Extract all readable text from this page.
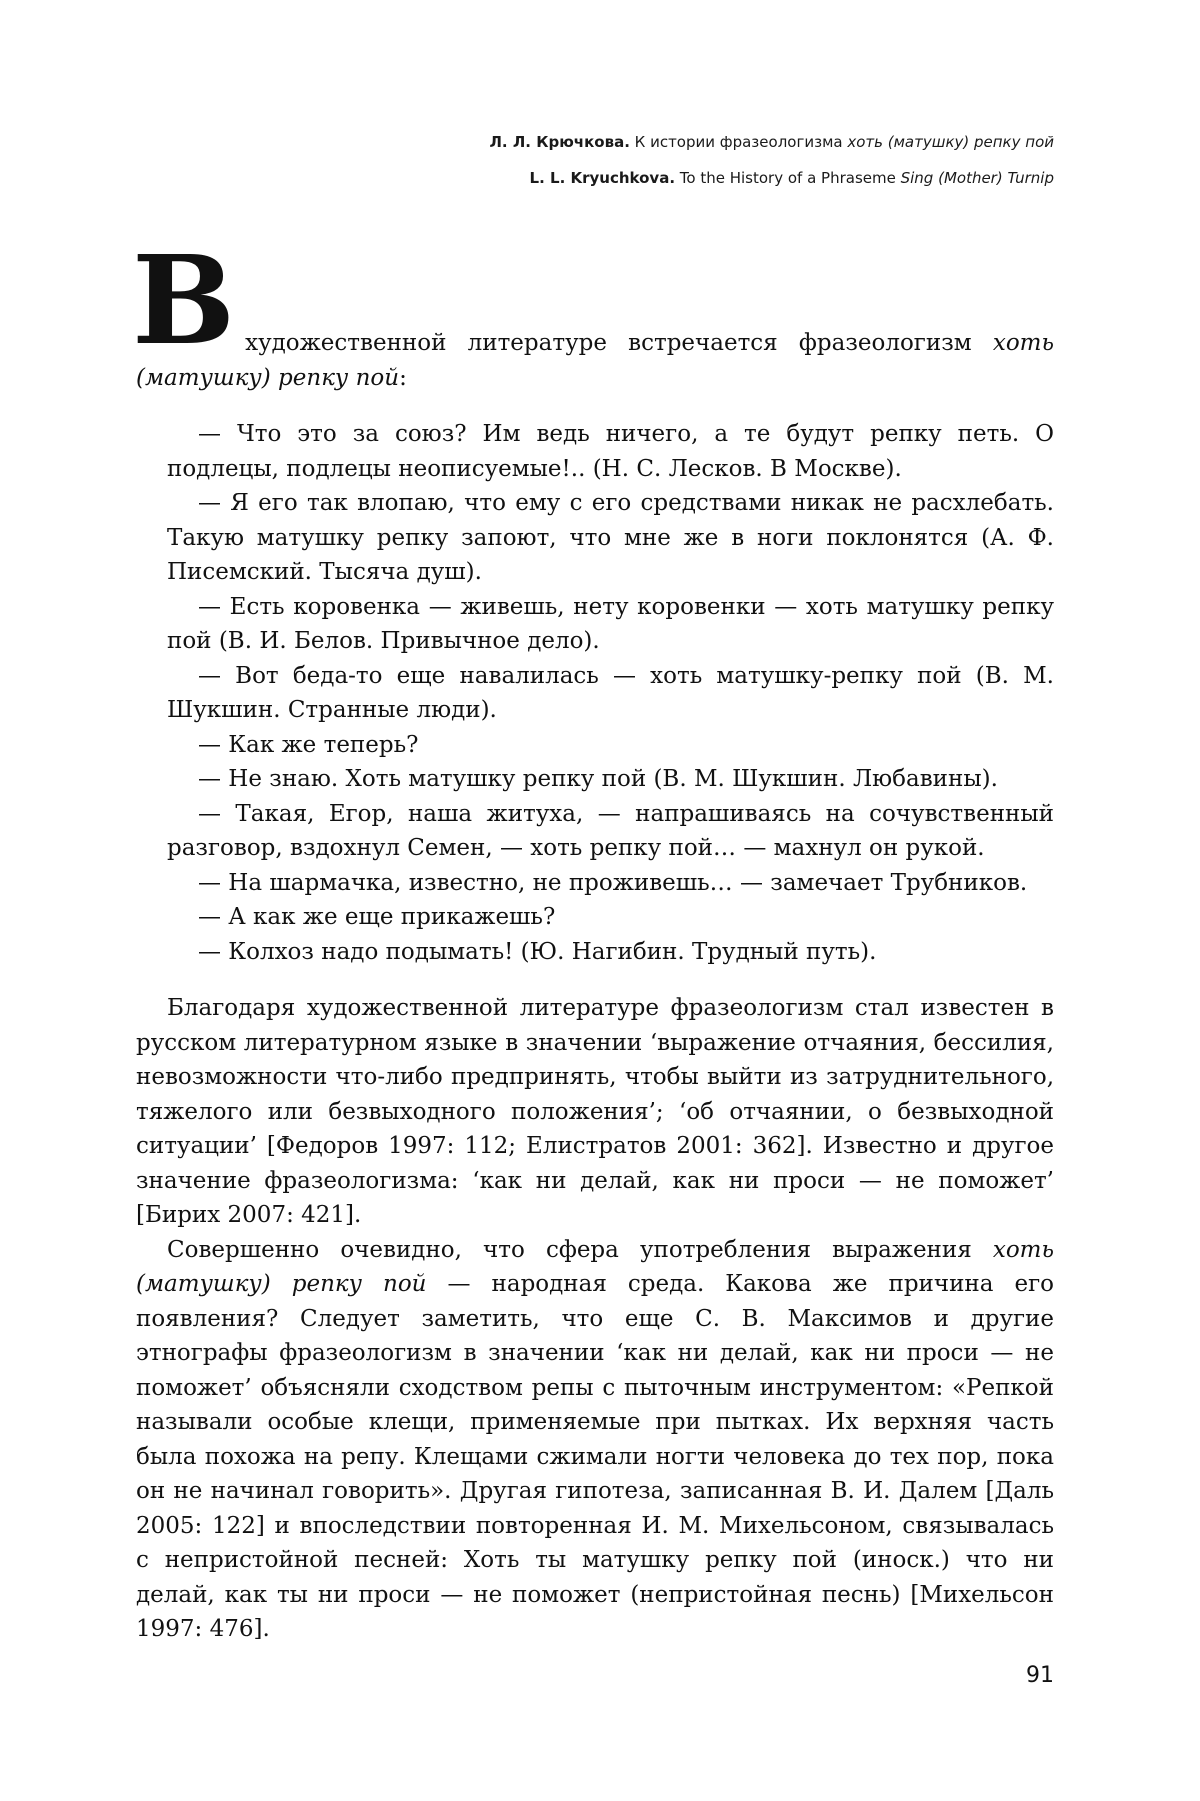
Л. Л. Крючкова. К истории фразеологизма хоть (матушку) репку пой
L. L. Kryuchkova. To the History of a Phraseme Sing (Mother) Turnip

В художественной литературе встречается фразеологизм хоть (матушку) репку пой:

— Что это за союз? Им ведь ничего, а те будут репку петь. О подлецы, подлецы неописуемые!.. (Н. С. Лесков. В Москве).

— Я его так влопаю, что ему с его средствами никак не расхлебать. Такую матушку репку запоют, что мне же в ноги поклонятся (А. Ф. Писемский. Тысяча душ).

— Есть коровенка — живешь, нету коровенки — хоть матушку репку пой (В. И. Белов. Привычное дело).

— Вот беда-то еще навалилась — хоть матушку-репку пой (В. М. Шукшин. Странные люди).

— Как же теперь?

— Не знаю. Хоть матушку репку пой (В. М. Шукшин. Любавины).

— Такая, Егор, наша житуха, — напрашиваясь на сочувственный разговор, вздохнул Семен, — хоть репку пой… — махнул он рукой.

— На шармачка, известно, не проживешь… — замечает Трубников.

— А как же еще прикажешь?

— Колхоз надо подымать! (Ю. Нагибин. Трудный путь).

Благодаря художественной литературе фразеологизм стал известен в русском литературном языке в значении ‘выражение отчаяния, бессилия, невозможности что-либо предпринять, чтобы выйти из затруднительного, тяжелого или безвыходного положения’; ‘об отчаянии, о безвыходной ситуации’ [Федоров 1997: 112; Елистратов 2001: 362]. Известно и другое значение фразеологизма: ‘как ни делай, как ни проси — не поможет’ [Бирих 2007: 421].

Совершенно очевидно, что сфера употребления выражения хоть (матушку) репку пой — народная среда. Какова же причина его появления? Следует заметить, что еще С. В. Максимов и другие этнографы фразеологизм в значении ‘как ни делай, как ни проси — не поможет’ объясняли сходством репы с пыточным инструментом: «Репкой называли особые клещи, применяемые при пытках. Их верхняя часть была похожа на репу. Клещами сжимали ногти человека до тех пор, пока он не начинал говорить». Другая гипотеза, записанная В. И. Далем [Даль 2005: 122] и впоследствии повторенная И. М. Михельсоном, связывалась с непристойной песней: Хоть ты матушку репку пой (иноск.) что ни делай, как ты ни проси — не поможет (непристойная песнь) [Михельсон 1997: 476].

91
